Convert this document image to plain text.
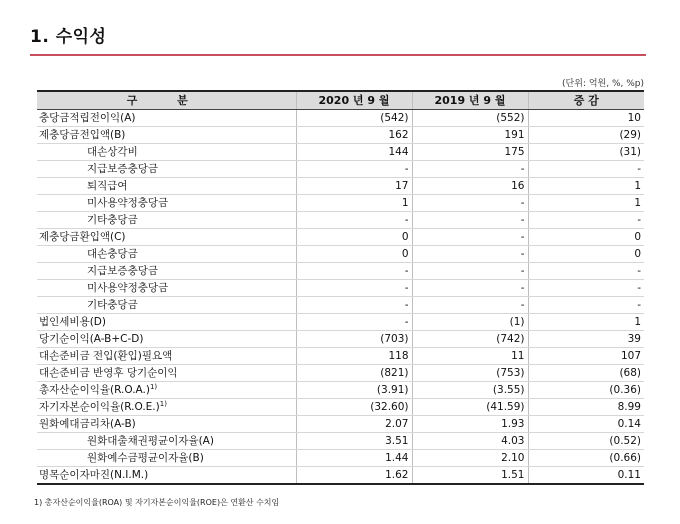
1. 수익성
(단위: 억원, %, %p)
구 분	2020 년 9 월	2019 년 9 월	증 감
충당금적립전이익(A)	(542)	(552)	10
제충당금전입액(B)	162	191	(29)
대손상각비	144	175	(31)
지급보증충당금	-	-	-
퇴직급여	17	16	1
미사용약정충당금	1	-	1
기타충당금	-	-	-
제충당금환입액(C)	0	-	0
대손충당금	0	-	0
지급보증충당금	-	-	-
미사용약정충당금	-	-	-
기타충당금	-	-	-
법인세비용(D)	-	(1)	1
당기순이익(A-B+C-D)	(703)	(742)	39
대손준비금 전입(환입)필요액	118	11	107
대손준비금 반영후 당기순이익	(821)	(753)	(68)
총자산순이익율$(R.O.A.)^{1)}$	(3.91)	(3.55)	(0.36)
자기자본순이익율$(R.O.E.)^{1)}$	(32.60)	(41.59)	8.99
원화예대금리차(A-B)	2.07	1.93	0.14
원화대출채권평균이자율(A)	3.51	4.03	(0.52)
원화예수금평균이자율(B)	1.44	2.10	(0.66)
명목순이자마진(N.I.M.)	1.62	1.51	0.11
1) 총자산순이익율(ROA) 및 자기자본순이익율(ROE)은 연환산 수치임
